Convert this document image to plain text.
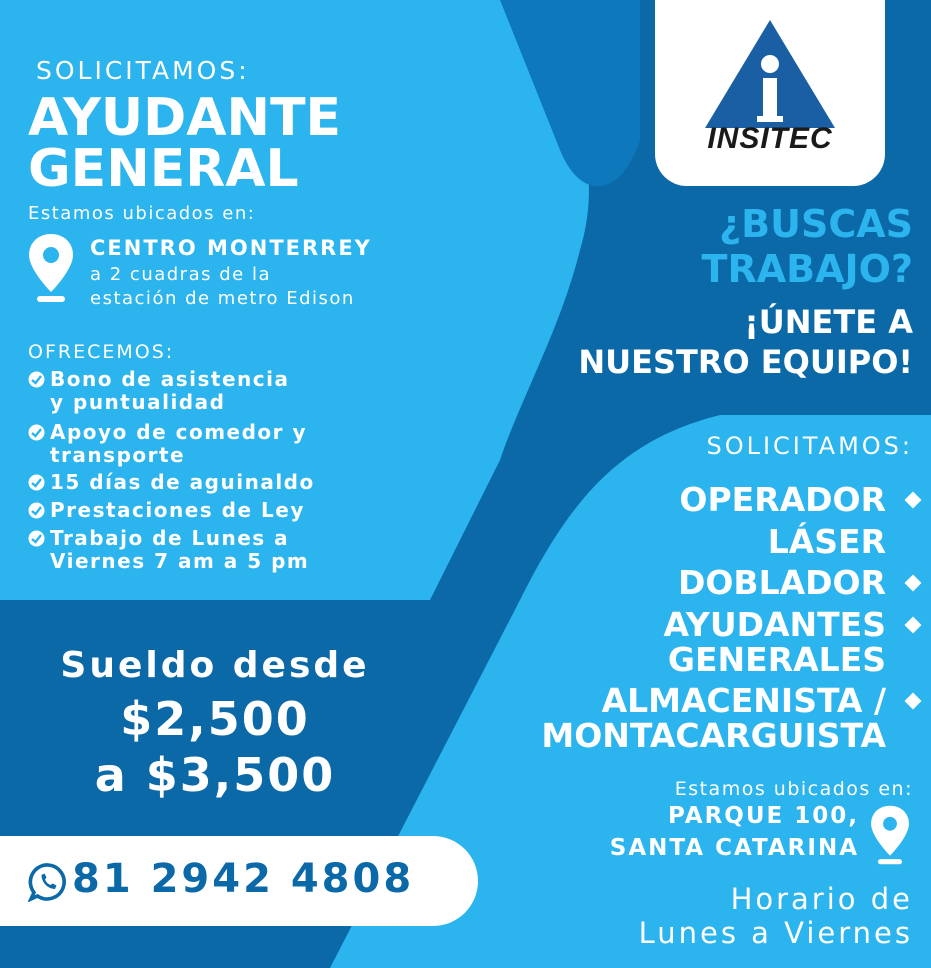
INSITEC

SOLICITAMOS:

AYUDANTE

GENERAL

Estamos ubicados en:

CENTRO MONTERREY

a 2 cuadras de la

estación de metro Edison

OFRECEMOS:

Bono de asistencia
y puntualidad
Apoyo de comedor y
transporte
15 días de aguinaldo
Prestaciones de Ley
Trabajo de Lunes a
Viernes 7 am a 5 pm

Sueldo desde

$2,500

a $3,500

81 2942 4808

¿BUSCAS

TRABAJO?

¡ÚNETE A

NUESTRO EQUIPO!

SOLICITAMOS:

OPERADOR
LÁSER
DOBLADOR
AYUDANTES
GENERALES
ALMACENISTA /
MONTACARGUISTA

Estamos ubicados en:

PARQUE 100,

SANTA CATARINA

Horario de

Lunes a Viernes
